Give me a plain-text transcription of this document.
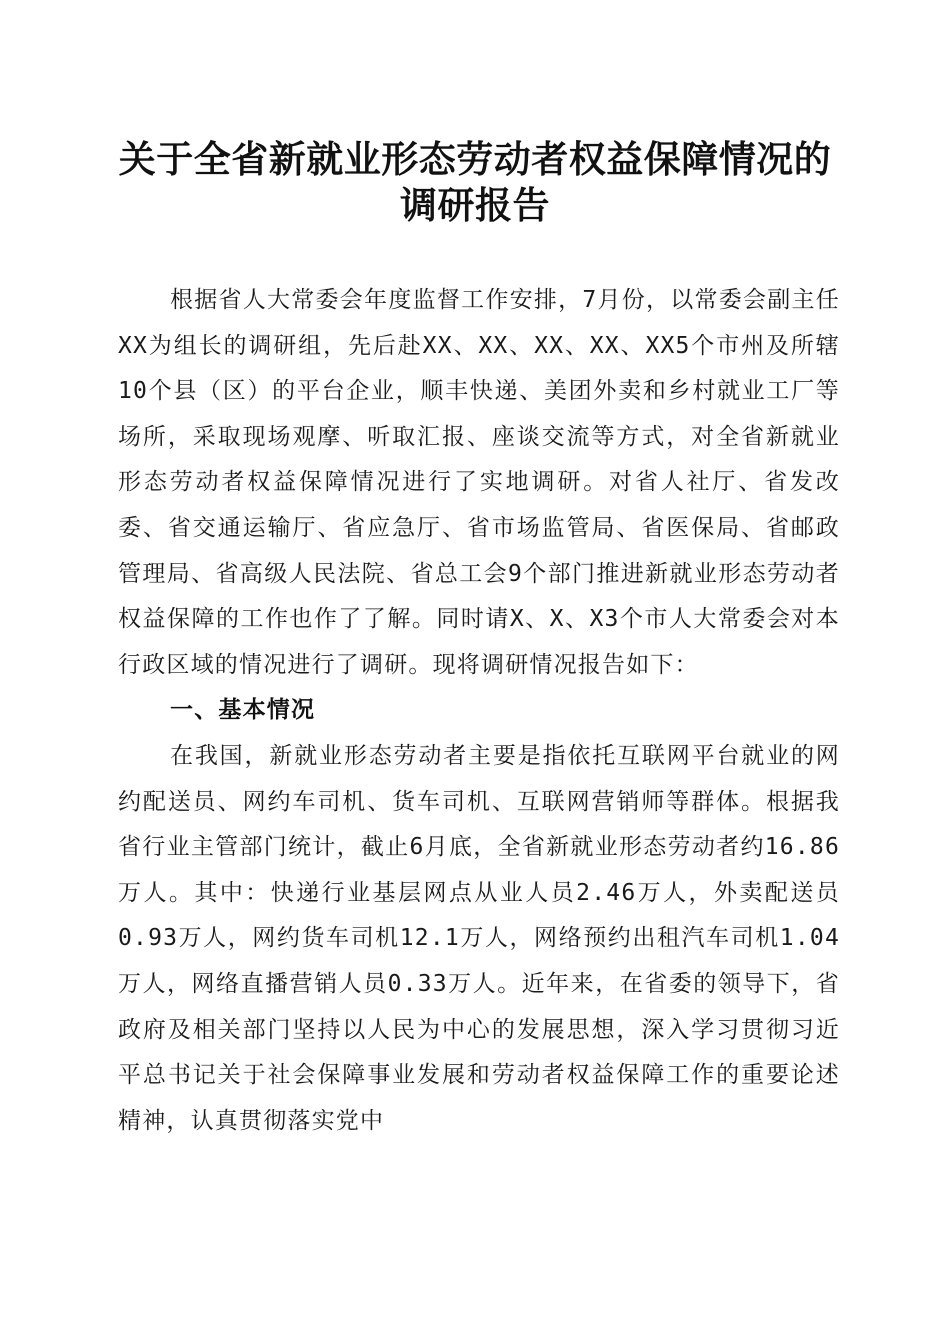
关于全省新就业形态劳动者权益保障情况的调研报告

根据省人大常委会年度监督工作安排，7月份，以常委会副主任XX为组长的调研组，先后赴XX、XX、XX、XX、XX5个市州及所辖10个县（区）的平台企业，顺丰快递、美团外卖和乡村就业工厂等场所，采取现场观摩、听取汇报、座谈交流等方式，对全省新就业形态劳动者权益保障情况进行了实地调研。对省人社厅、省发改委、省交通运输厅、省应急厅、省市场监管局、省医保局、省邮政管理局、省高级人民法院、省总工会9个部门推进新就业形态劳动者权益保障的工作也作了了解。同时请X、X、X3个市人大常委会对本行政区域的情况进行了调研。现将调研情况报告如下：

一、基本情况

在我国，新就业形态劳动者主要是指依托互联网平台就业的网约配送员、网约车司机、货车司机、互联网营销师等群体。根据我省行业主管部门统计，截止6月底，全省新就业形态劳动者约16.86万人。其中：快递行业基层网点从业人员2.46万人，外卖配送员0.93万人，网约货车司机12.1万人，网络预约出租汽车司机1.04万人，网络直播营销人员0.33万人。近年来，在省委的领导下，省政府及相关部门坚持以人民为中心的发展思想，深入学习贯彻习近平总书记关于社会保障事业发展和劳动者权益保障工作的重要论述精神，认真贯彻落实党中
